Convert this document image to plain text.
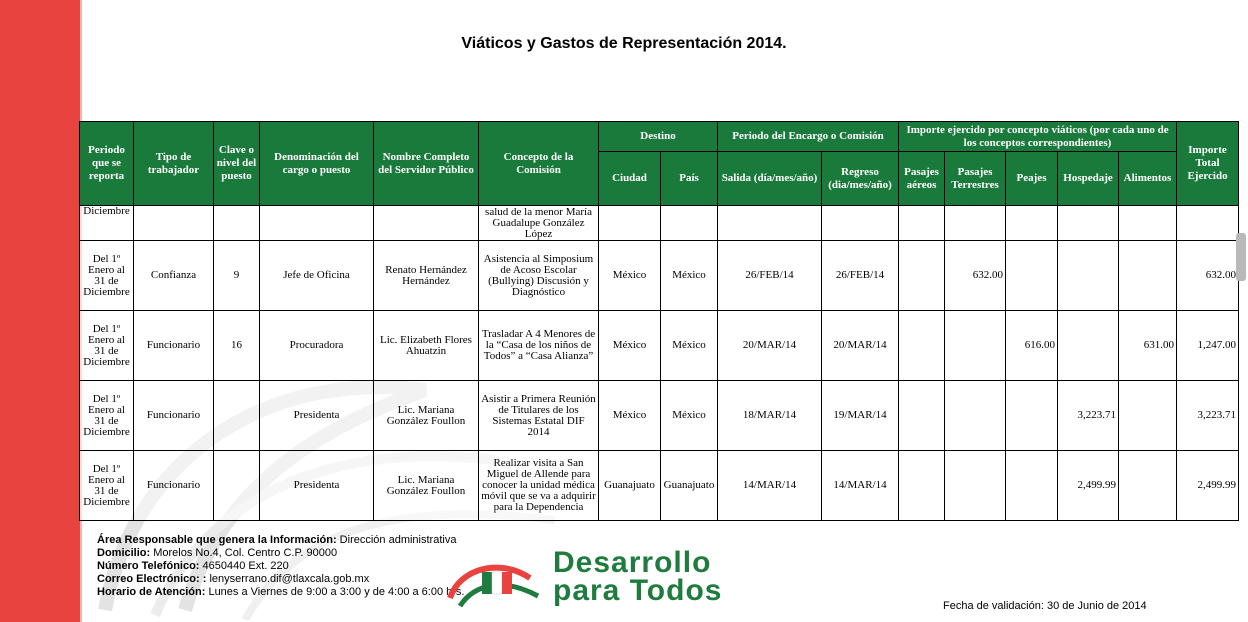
Viáticos y Gastos de Representación 2014.
Periodo que se reporta	Tipo de trabajador	Clave o nivel del puesto	Denominación del cargo o puesto	Nombre Completo del Servidor Público	Concepto de la Comisión	Destino		Periodo del Encargo o Comisión		Importe ejercido por concepto viáticos (por cada uno de los conceptos correspondientes)					Importe Total Ejercido
						Ciudad	País	Salida (día/mes/año)	Regreso (dia/mes/año)	Pasajes aéreos	Pasajes Terrestres	Peajes	Hospedaje	Alimentos	
Diciembre					salud de la menor María Guadalupe González López										
Del 1º Enero al 31 de Diciembre	Confianza	9	Jefe de Oficina	Renato Hernández Hernández	Asistencia al Simposium de Acoso Escolar (Bullying) Discusión y Diagnóstico	México	México	26/FEB/14	26/FEB/14		632.00				632.00
Del 1º Enero al 31 de Diciembre	Funcionario	16	Procuradora	Lic. Elizabeth Flores Ahuatzin	Trasladar A 4 Menores de la “Casa de los niños de Todos” a “Casa Alianza”	México	México	20/MAR/14	20/MAR/14			616.00		631.00	1,247.00
Del 1º Enero al 31 de Diciembre	Funcionario		Presidenta	Lic. Mariana González Foullon	Asistir a Primera Reunión de Titulares de los Sistemas Estatal DIF 2014	México	México	18/MAR/14	19/MAR/14				3,223.71		3,223.71
Del 1º Enero al 31 de Diciembre	Funcionario		Presidenta	Lic. Mariana González Foullon	Realizar visita a San Miguel de Allende para conocer la unidad médica móvil que se va a adquirir para la Dependencia	Guanajuato	Guanajuato	14/MAR/14	14/MAR/14				2,499.99		2,499.99
Área Responsable que genera la Información: Dirección administrativa
Domicilio: Morelos No.4, Col. Centro C.P. 90000
Número Telefónico: 4650440 Ext. 220
Correo Electrónico: : lenyserrano.dif@tlaxcala.gob.mx
Horario de Atención: Lunes a Viernes de 9:00 a 3:00 y de 4:00 a 6:00 hrs.
Desarrollo
para Todos	Fecha de validación: 30 de Junio de 2014
